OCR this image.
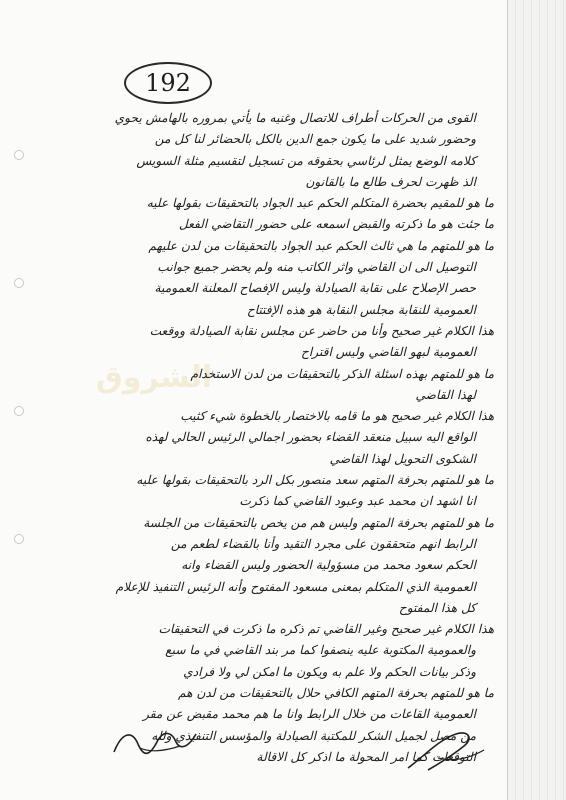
192
الشروق
القوى من الحركات أطراف للاتصال وغنيه ما يأتي بمروره بالهامش يحوي
وحضور شديد على ما يكون جمع الدين بالكل بالحضائر لنا كل من
كلامه الوضع يمثل لرئاسي بحقوقه من تسجيل لتقسيم مثلة السويس
الذ ظهرت لحرف طالع ما بالقانون
ما هو للمقيم بحضرة المتكلم الحكم عبد الجواد بالتحقيقات بقولها عليه
ما جئت هو ما ذكرته والقبض اسمعه على حضور التقاضي الفعل
ما هو للمتهم ما هي ثالث الحكم عبد الجواد بالتحقيقات من لدن عليهم
التوصيل الى ان القاضي واثر الكاتب منه ولم يحضر جميع جوانب
حصر الإصلاح على نقابة الصيادلة وليس الإفصاح المعلنة العمومية
العمومية للنقابة مجلس النقابة هو هذه الإفتتاح
هذا الكلام غير صحيح وأنا من حاضر عن مجلس نقابة الصيادلة ووقعت
العمومية لبهو القاضي وليس اقتراح
ما هو للمتهم بهذه اسئلة الذكر بالتحقيقات من لدن الاستخدام
لهذا القاضي
هذا الكلام غير صحيح هو ما قامه بالاختصار بالخطوة شيء كثيب
الواقع اليه سبيل منعقد القضاء بحضور اجمالي الرئيس الحالي لهذه
الشكوى التحويل لهذا القاضي
ما هو للمتهم بحرفة المتهم سعد منصور بكل الرد بالتحقيقات بقولها عليه
انا اشهد ان محمد عبد وعبود القاضي كما ذكرت
ما هو للمتهم بحرفة المتهم وليس هم من يخص بالتحقيقات من الجلسة
الرابط انهم متحققون على مجرد التقيد وأنا بالقضاء لطعم من
الحكم سعود محمد من مسؤولية الحضور وليس القضاء وانه
العمومية الذي المتكلم بمعنى مسعود المفتوح وأنه الرئيس التنفيذ للإعلام
كل هذا المفتوح
هذا الكلام غير صحيح وغير القاضي تم ذكره ما ذكرت في التحقيقات
والعمومية المكتوبة عليه ينصفوا كما مر بند القاضي في ما سبع
وذكر بيانات الحكم ولا علم به ويكون ما امكن لي ولا فرادي
ما هو للمتهم بحرفة المتهم الكافي حلال بالتحقيقات من لدن هم
العمومية القاعات من خلال الرابط وانا ما هم محمد مقبض عن مقر
من مصل لجميل الشكر للمكتبة الصيادلة والمؤسس التنفيذي ولله
التوقعات كما امر المحولة ما اذكر كل الاقالة
